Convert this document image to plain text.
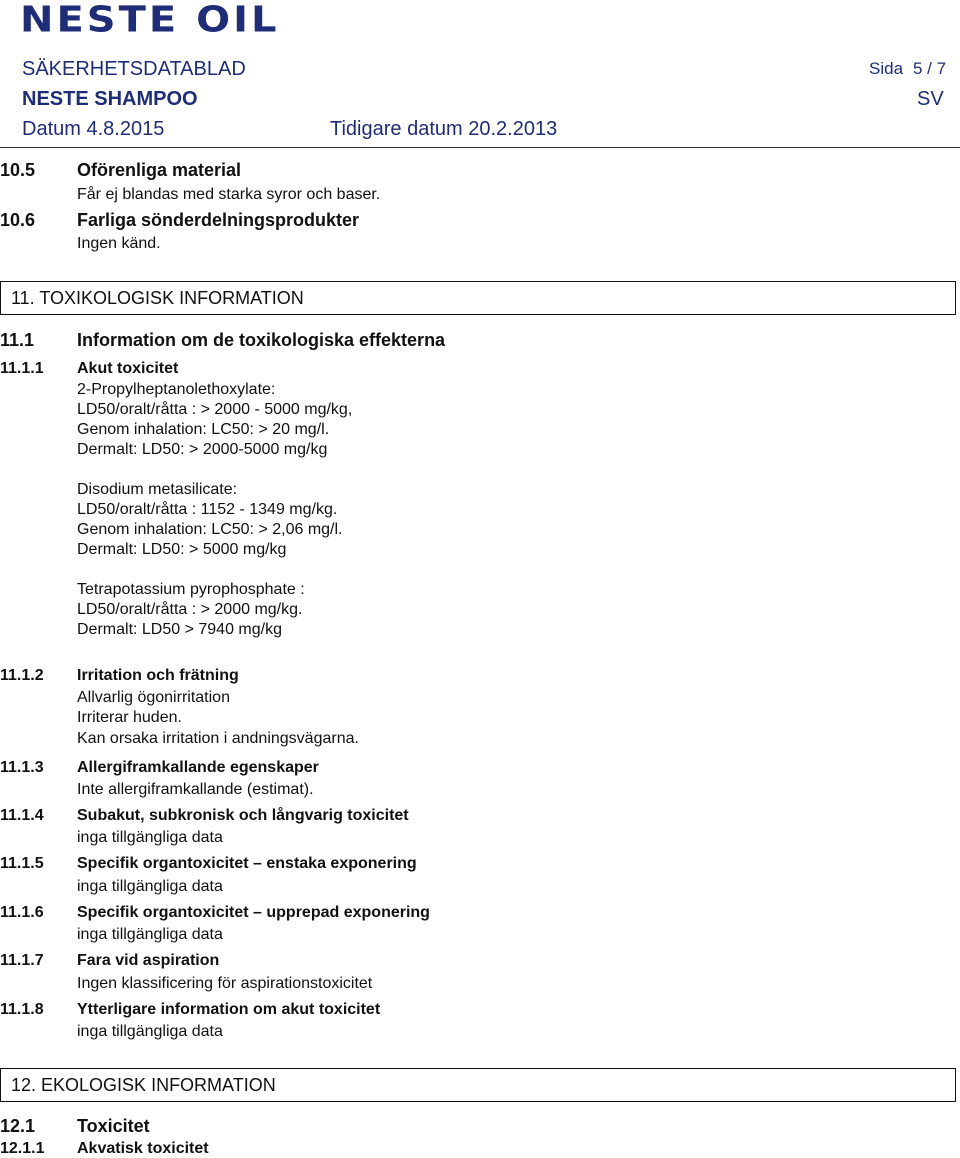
NESTE OIL
SÄKERHETSDATABLAD	Sida 5 / 7
NESTE SHAMPOO	SV
Datum 4.8.2015	Tidigare datum 20.2.2013
10.5 Oförenliga material
Får ej blandas med starka syror och baser.
10.6 Farliga sönderdelningsprodukter
Ingen känd.
11. TOXIKOLOGISK INFORMATION
11.1 Information om de toxikologiska effekterna
11.1.1 Akut toxicitet
2-Propylheptanolethoxylate:
LD50/oralt/råtta : > 2000 - 5000 mg/kg,
Genom inhalation: LC50: > 20 mg/l.
Dermalt: LD50: > 2000-5000 mg/kg
Disodium metasilicate:
LD50/oralt/råtta : 1152 - 1349 mg/kg.
Genom inhalation: LC50: > 2,06 mg/l.
Dermalt: LD50: > 5000 mg/kg
Tetrapotassium pyrophosphate :
LD50/oralt/råtta : > 2000 mg/kg.
Dermalt: LD50 > 7940 mg/kg
11.1.2 Irritation och frätning
Allvarlig ögonirritation
Irriterar huden.
Kan orsaka irritation i andningsvägarna.
11.1.3 Allergiframkallande egenskaper
Inte allergiframkallande (estimat).
11.1.4 Subakut, subkronisk och långvarig toxicitet
inga tillgängliga data
11.1.5 Specifik organtoxicitet – enstaka exponering
inga tillgängliga data
11.1.6 Specifik organtoxicitet – upprepad exponering
inga tillgängliga data
11.1.7 Fara vid aspiration
Ingen klassificering för aspirationstoxicitet
11.1.8 Ytterligare information om akut toxicitet
inga tillgängliga data
12. EKOLOGISK INFORMATION
12.1 Toxicitet
12.1.1 Akvatisk toxicitet
